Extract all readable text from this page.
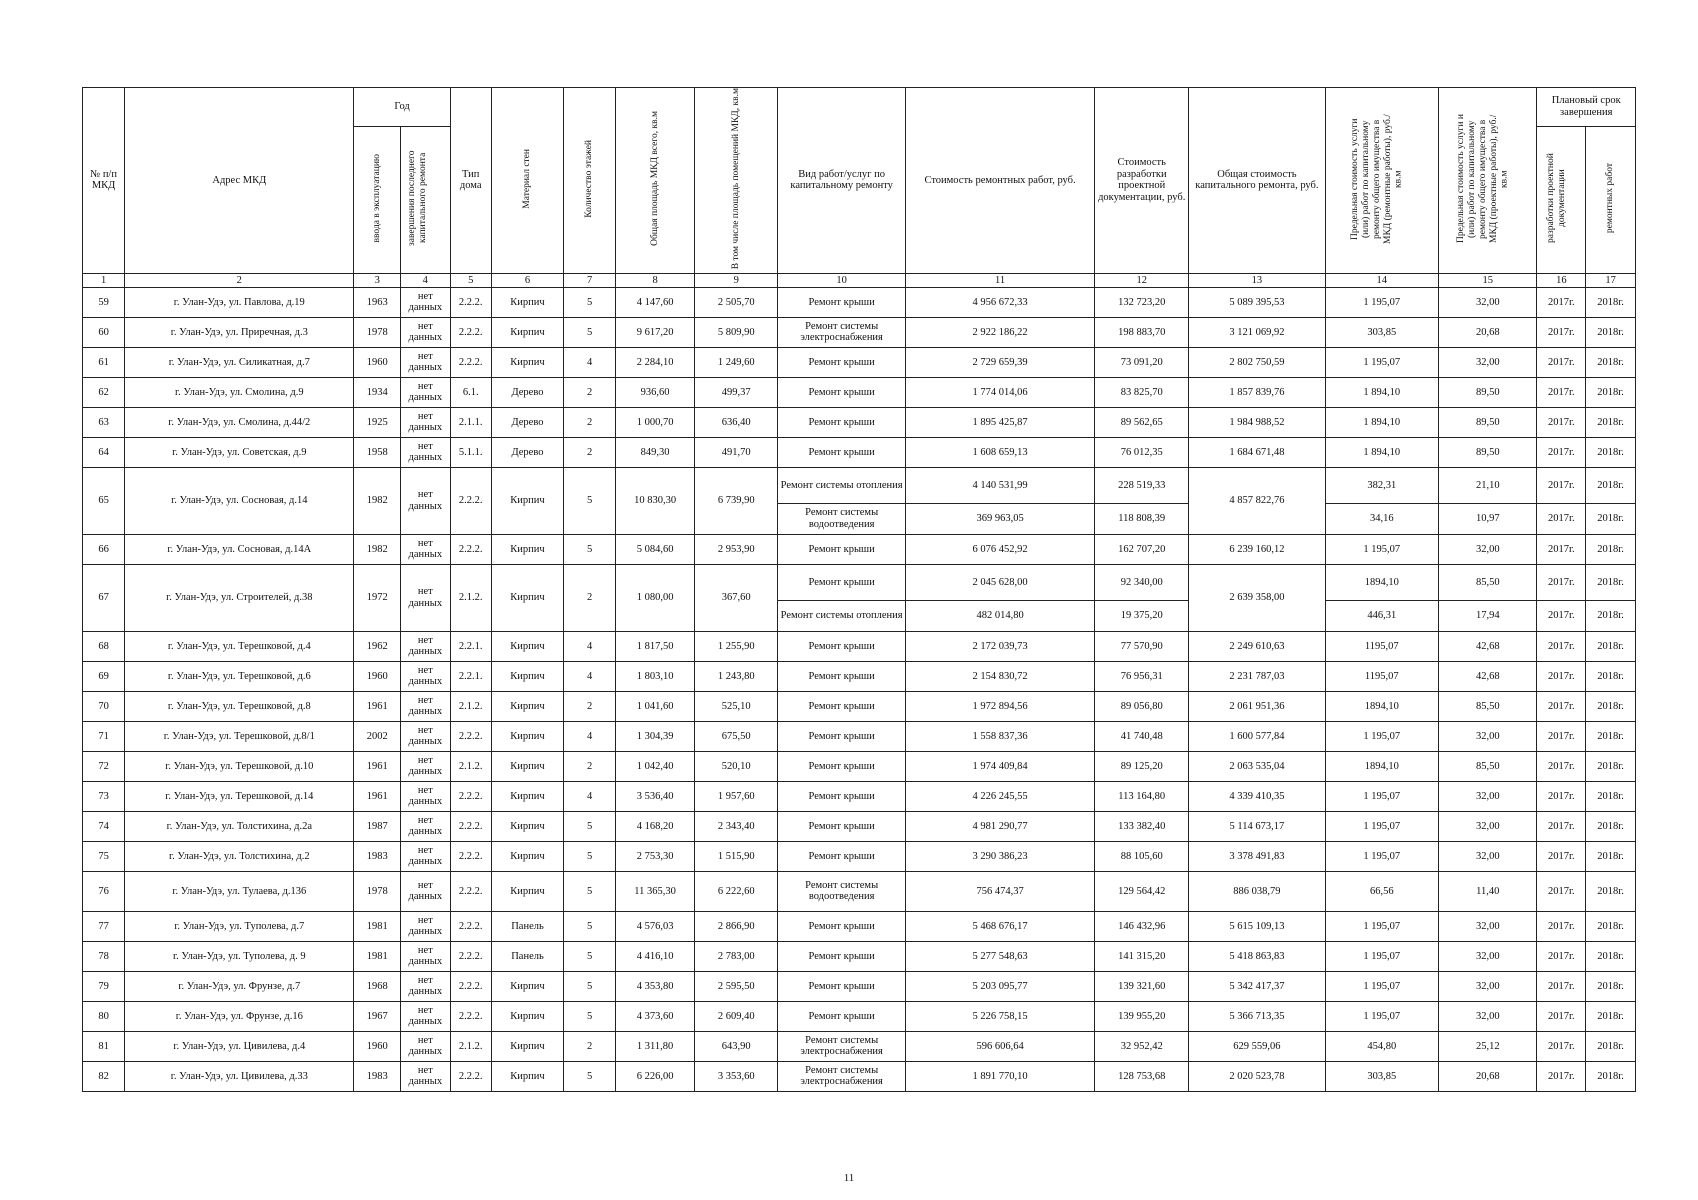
№ п/п МКД	Адрес МКД	Год		Тип дома	Материал стен	Количество этажей	Общая площадь МКД всего, кв.м	В том числе площадь помещений МКД, кв.м	Вид работ/услуг по капитальному ремонту	Стоимость ремонтных работ, руб.	Стоимость разработки проектной документации, руб.	Общая стоимость капитального ремонта, руб.	Предельная стоимость услуги (или) работ по капитальному ремонту общего имущества в МКД (ремонтные работы), руб./кв.м	Предельная стоимость услуги и (или) работ по капитальному ремонту общего имущества в МКД (проектные работы), руб./кв.м	Плановый срок завершения	
		ввода в эксплуатацию	завершения последнего капитального ремонта												разработки проектной документации	ремонтных работ
1	2	3	4	5	6	7	8	9	10	11	12	13	14	15	16	17
59	г. Улан-Удэ, ул. Павлова, д.19	1963	нет данных	2.2.2.	Кирпич	5	4 147,60	2 505,70	Ремонт крыши	4 956 672,33	132 723,20	5 089 395,53	1 195,07	32,00	2017г.	2018г.
60	г. Улан-Удэ, ул. Приречная, д.3	1978	нет данных	2.2.2.	Кирпич	5	9 617,20	5 809,90	Ремонт системы электроснабжения	2 922 186,22	198 883,70	3 121 069,92	303,85	20,68	2017г.	2018г.
61	г. Улан-Удэ, ул. Силикатная, д.7	1960	нет данных	2.2.2.	Кирпич	4	2 284,10	1 249,60	Ремонт крыши	2 729 659,39	73 091,20	2 802 750,59	1 195,07	32,00	2017г.	2018г.
62	г. Улан-Удэ, ул. Смолина, д.9	1934	нет данных	6.1.	Дерево	2	936,60	499,37	Ремонт крыши	1 774 014,06	83 825,70	1 857 839,76	1 894,10	89,50	2017г.	2018г.
63	г. Улан-Удэ, ул. Смолина, д.44/2	1925	нет данных	2.1.1.	Дерево	2	1 000,70	636,40	Ремонт крыши	1 895 425,87	89 562,65	1 984 988,52	1 894,10	89,50	2017г.	2018г.
64	г. Улан-Удэ, ул. Советская, д.9	1958	нет данных	5.1.1.	Дерево	2	849,30	491,70	Ремонт крыши	1 608 659,13	76 012,35	1 684 671,48	1 894,10	89,50	2017г.	2018г.
65	г. Улан-Удэ, ул. Сосновая, д.14	1982	нет данных	2.2.2.	Кирпич	5	10 830,30	6 739,90	Ремонт системы отопления	4 140 531,99	228 519,33	4 857 822,76	382,31	21,10	2017г.	2018г.
									Ремонт системы водоотведения	369 963,05	118 808,39		34,16	10,97	2017г.	2018г.
66	г. Улан-Удэ, ул. Сосновая, д.14А	1982	нет данных	2.2.2.	Кирпич	5	5 084,60	2 953,90	Ремонт крыши	6 076 452,92	162 707,20	6 239 160,12	1 195,07	32,00	2017г.	2018г.
67	г. Улан-Удэ, ул. Строителей, д.38	1972	нет данных	2.1.2.	Кирпич	2	1 080,00	367,60	Ремонт крыши	2 045 628,00	92 340,00	2 639 358,00	1894,10	85,50	2017г.	2018г.
									Ремонт системы отопления	482 014,80	19 375,20		446,31	17,94	2017г.	2018г.
68	г. Улан-Удэ, ул. Терешковой, д.4	1962	нет данных	2.2.1.	Кирпич	4	1 817,50	1 255,90	Ремонт крыши	2 172 039,73	77 570,90	2 249 610,63	1195,07	42,68	2017г.	2018г.
69	г. Улан-Удэ, ул. Терешковой, д.6	1960	нет данных	2.2.1.	Кирпич	4	1 803,10	1 243,80	Ремонт крыши	2 154 830,72	76 956,31	2 231 787,03	1195,07	42,68	2017г.	2018г.
70	г. Улан-Удэ, ул. Терешковой, д.8	1961	нет данных	2.1.2.	Кирпич	2	1 041,60	525,10	Ремонт крыши	1 972 894,56	89 056,80	2 061 951,36	1894,10	85,50	2017г.	2018г.
71	г. Улан-Удэ, ул. Терешковой, д.8/1	2002	нет данных	2.2.2.	Кирпич	4	1 304,39	675,50	Ремонт крыши	1 558 837,36	41 740,48	1 600 577,84	1 195,07	32,00	2017г.	2018г.
72	г. Улан-Удэ, ул. Терешковой, д.10	1961	нет данных	2.1.2.	Кирпич	2	1 042,40	520,10	Ремонт крыши	1 974 409,84	89 125,20	2 063 535,04	1894,10	85,50	2017г.	2018г.
73	г. Улан-Удэ, ул. Терешковой, д.14	1961	нет данных	2.2.2.	Кирпич	4	3 536,40	1 957,60	Ремонт крыши	4 226 245,55	113 164,80	4 339 410,35	1 195,07	32,00	2017г.	2018г.
74	г. Улан-Удэ, ул. Толстихина, д.2а	1987	нет данных	2.2.2.	Кирпич	5	4 168,20	2 343,40	Ремонт крыши	4 981 290,77	133 382,40	5 114 673,17	1 195,07	32,00	2017г.	2018г.
75	г. Улан-Удэ, ул. Толстихина, д.2	1983	нет данных	2.2.2.	Кирпич	5	2 753,30	1 515,90	Ремонт крыши	3 290 386,23	88 105,60	3 378 491,83	1 195,07	32,00	2017г.	2018г.
76	г. Улан-Удэ, ул. Тулаева, д.136	1978	нет данных	2.2.2.	Кирпич	5	11 365,30	6 222,60	Ремонт системы водоотведения	756 474,37	129 564,42	886 038,79	66,56	11,40	2017г.	2018г.
77	г. Улан-Удэ, ул. Туполева, д.7	1981	нет данных	2.2.2.	Панель	5	4 576,03	2 866,90	Ремонт крыши	5 468 676,17	146 432,96	5 615 109,13	1 195,07	32,00	2017г.	2018г.
78	г. Улан-Удэ, ул. Туполева, д. 9	1981	нет данных	2.2.2.	Панель	5	4 416,10	2 783,00	Ремонт крыши	5 277 548,63	141 315,20	5 418 863,83	1 195,07	32,00	2017г.	2018г.
79	г. Улан-Удэ, ул. Фрунзе, д.7	1968	нет данных	2.2.2.	Кирпич	5	4 353,80	2 595,50	Ремонт крыши	5 203 095,77	139 321,60	5 342 417,37	1 195,07	32,00	2017г.	2018г.
80	г. Улан-Удэ, ул. Фрунзе, д.16	1967	нет данных	2.2.2.	Кирпич	5	4 373,60	2 609,40	Ремонт крыши	5 226 758,15	139 955,20	5 366 713,35	1 195,07	32,00	2017г.	2018г.
81	г. Улан-Удэ, ул. Цивилева, д.4	1960	нет данных	2.1.2.	Кирпич	2	1 311,80	643,90	Ремонт системы электроснабжения	596 606,64	32 952,42	629 559,06	454,80	25,12	2017г.	2018г.
82	г. Улан-Удэ, ул. Цивилева, д.33	1983	нет данных	2.2.2.	Кирпич	5	6 226,00	3 353,60	Ремонт системы электроснабжения	1 891 770,10	128 753,68	2 020 523,78	303,85	20,68	2017г.	2018г.
11
